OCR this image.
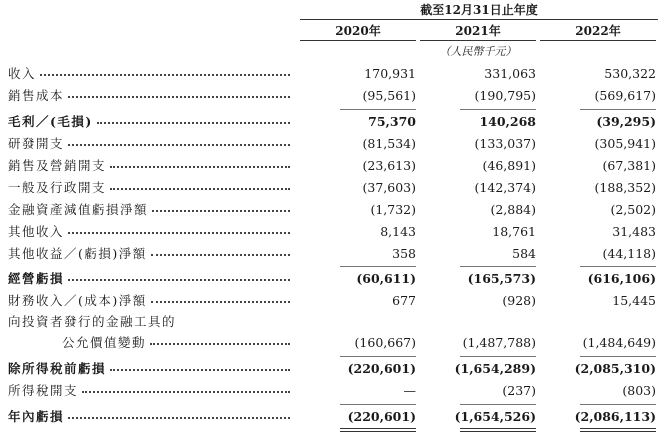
截至12月31日止年度
2020年	2021年	2022年
（人民幣千元）
收入	170,931	331,063	530,322
銷售成本	(95,561)	(190,795)	(569,617)
毛利／(毛損)	75,370	140,268	(39,295)
研發開支	(81,534)	(133,037)	(305,941)
銷售及營銷開支	(23,613)	(46,891)	(67,381)
一般及行政開支	(37,603)	(142,374)	(188,352)
金融資產減值虧損淨額	(1,732)	(2,884)	(2,502)
其他收入	8,143	18,761	31,483
其他收益／(虧損)淨額	358	584	(44,118)
經營虧損	(60,611)	(165,573)	(616,106)
財務收入／(成本)淨額	677	(928)	15,445
向投資者發行的金融工具的
公允價值變動	(160,667)	(1,487,788)	(1,484,649)
除所得稅前虧損	(220,601)	(1,654,289)	(2,085,310)
所得稅開支	—	(237)	(803)
年內虧損	(220,601)	(1,654,526)	(2,086,113)
